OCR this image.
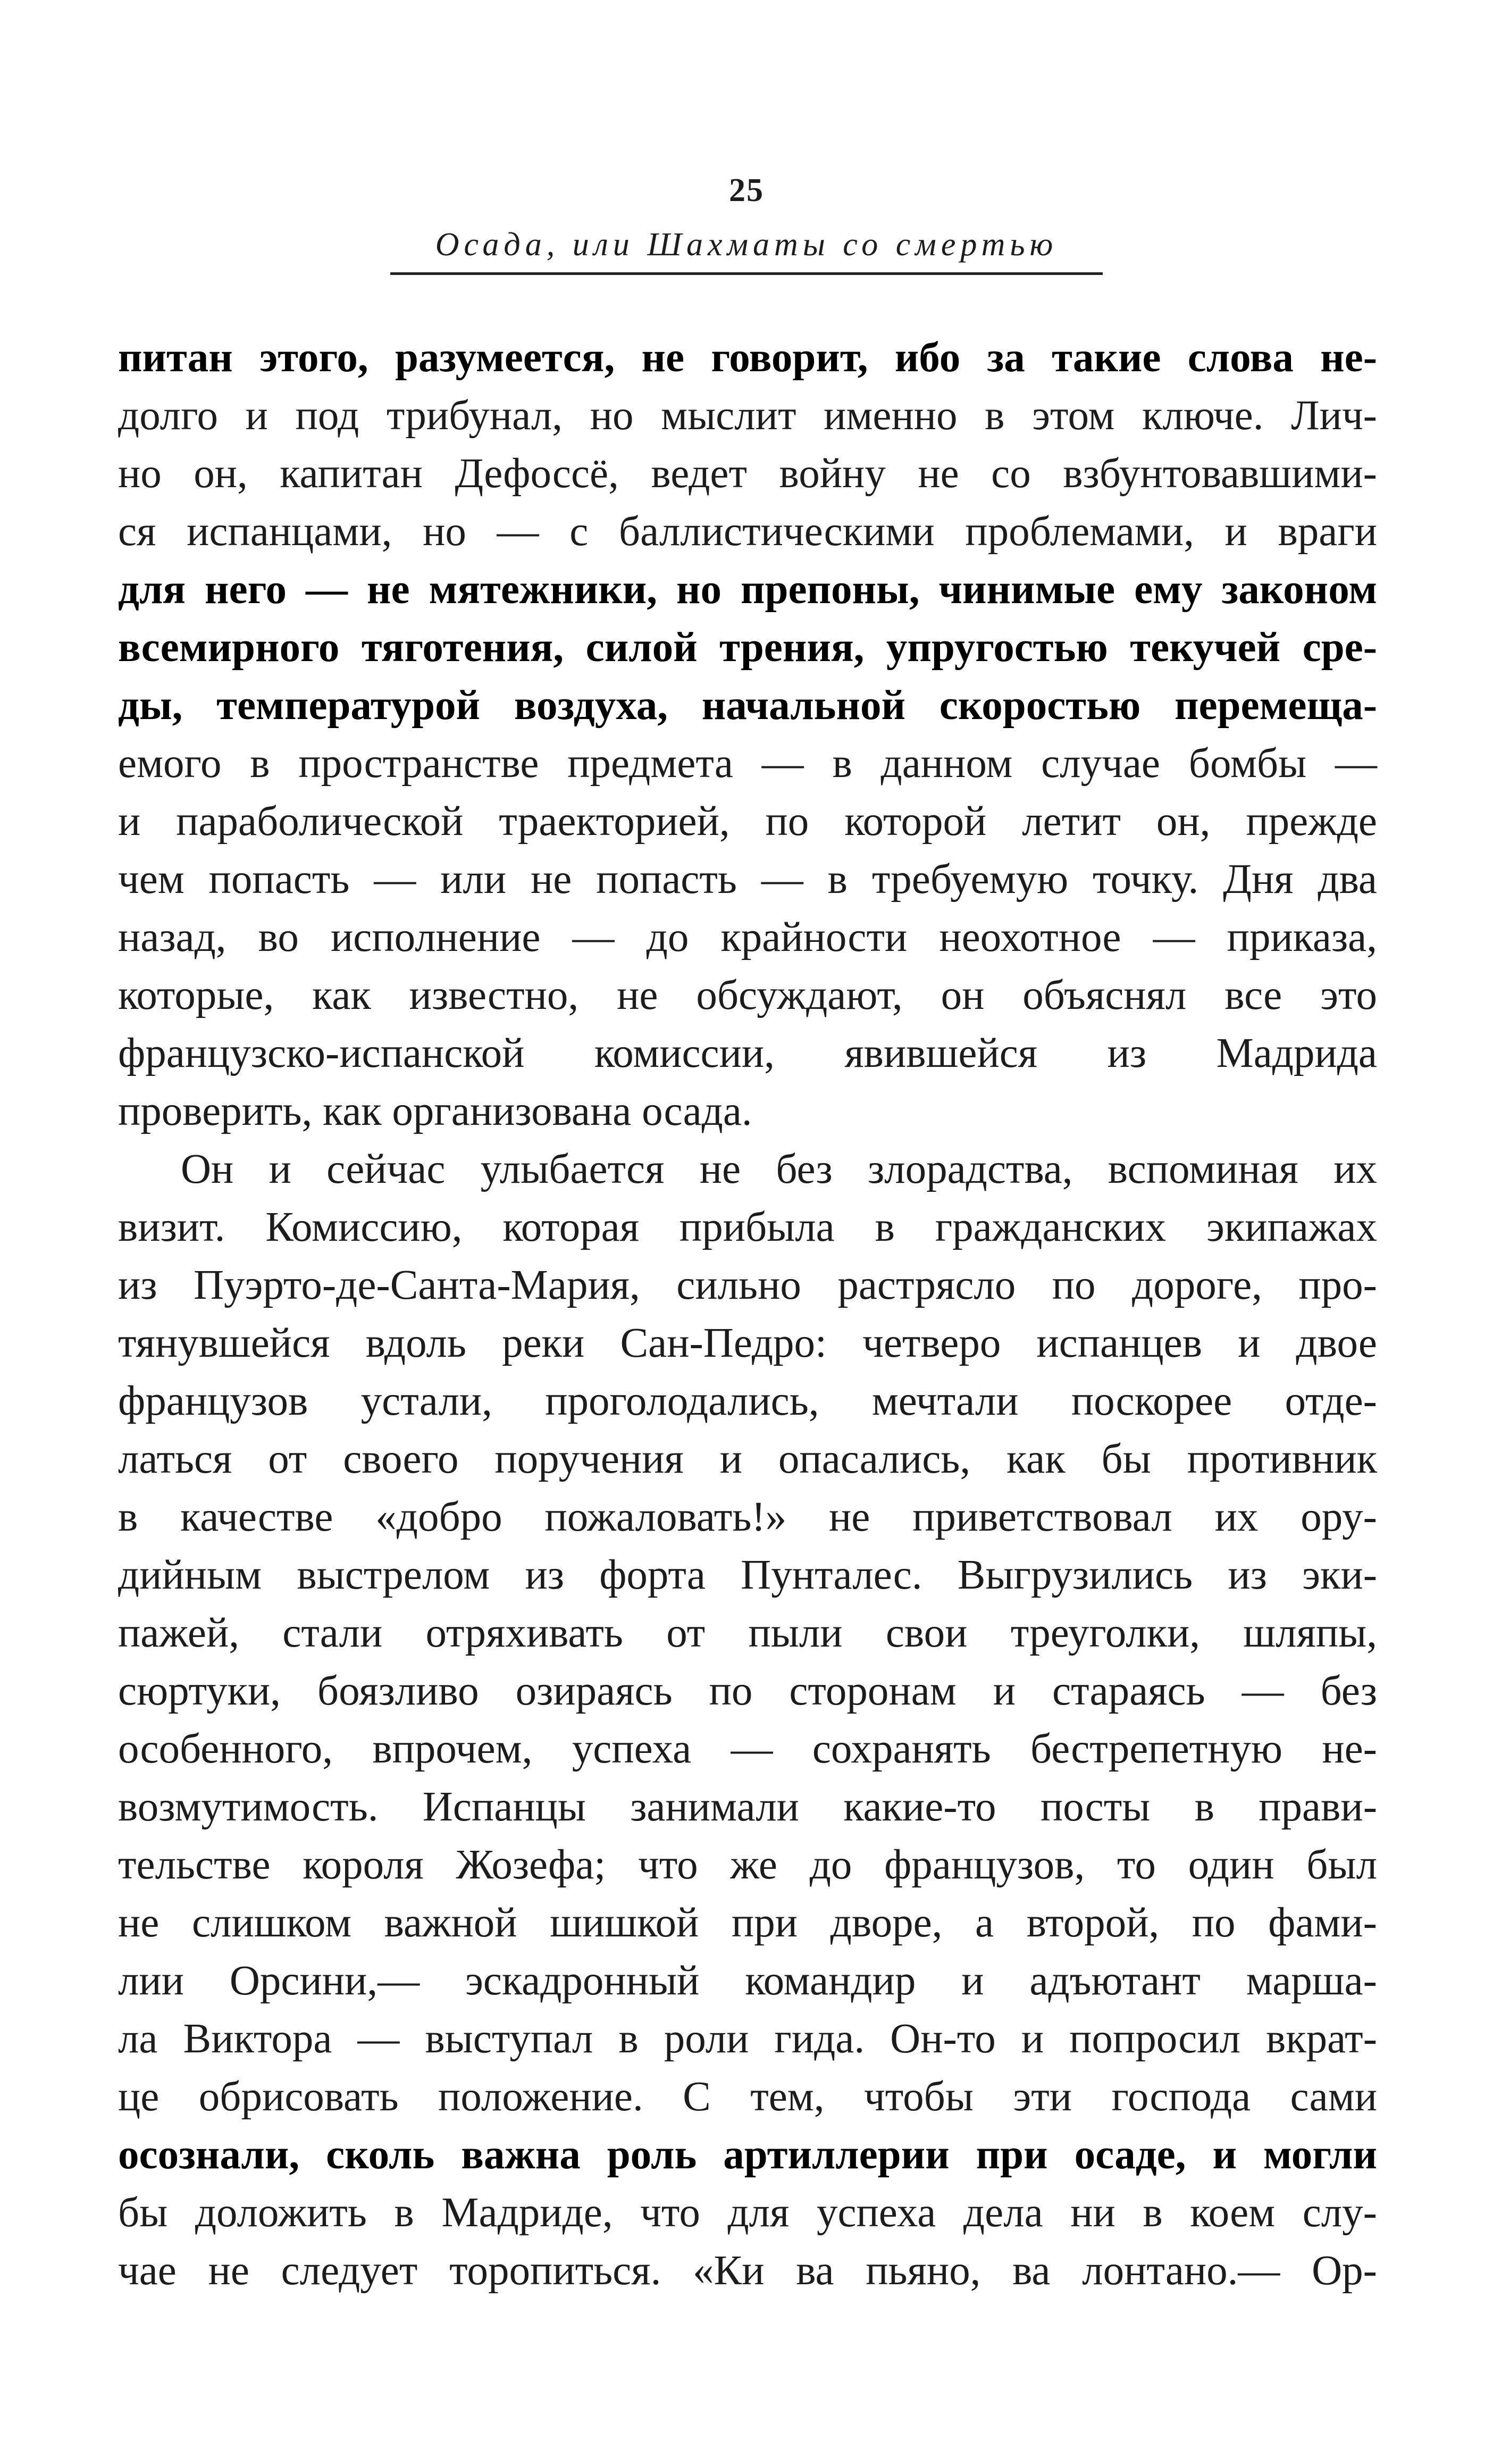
25
Осада, или Шахматы со смертью
питан этого, разумеется, не говорит, ибо за такие слова не-
долго и под трибунал, но мыслит именно в этом ключе. Лич-
но он, капитан Дефоссё, ведет войну не со взбунтовавшими-
ся испанцами, но — с баллистическими проблемами, и враги
для него — не мятежники, но препоны, чинимые ему законом
всемирного тяготения, силой трения, упругостью текучей сре-
ды, температурой воздуха, начальной скоростью перемеща-
емого в пространстве предмета — в данном случае бомбы —
и параболической траекторией, по которой летит он, прежде
чем попасть — или не попасть — в требуемую точку. Дня два
назад, во исполнение — до крайности неохотное — приказа,
которые, как известно, не обсуждают, он объяснял все это
французско-испанской комиссии, явившейся из Мадрида
проверить, как организована осада.
Он и сейчас улыбается не без злорадства, вспоминая их
визит. Комиссию, которая прибыла в гражданских экипажах
из Пуэрто-де-Санта-Мария, сильно растрясло по дороге, про-
тянувшейся вдоль реки Сан-Педро: четверо испанцев и двое
французов устали, проголодались, мечтали поскорее отде-
латься от своего поручения и опасались, как бы противник
в качестве «добро пожаловать!» не приветствовал их ору-
дийным выстрелом из форта Пунталес. Выгрузились из эки-
пажей, стали отряхивать от пыли свои треуголки, шляпы,
сюртуки, боязливо озираясь по сторонам и стараясь — без
особенного, впрочем, успеха — сохранять бестрепетную не-
возмутимость. Испанцы занимали какие-то посты в прави-
тельстве короля Жозефа; что же до французов, то один был
не слишком важной шишкой при дворе, а второй, по фами-
лии Орсини,— эскадронный командир и адъютант марша-
ла Виктора — выступал в роли гида. Он-то и попросил вкрат-
це обрисовать положение. С тем, чтобы эти господа сами
осознали, сколь важна роль артиллерии при осаде, и могли
бы доложить в Мадриде, что для успеха дела ни в коем слу-
чае не следует торопиться. «Ки ва пьяно, ва лонтано.— Ор-
